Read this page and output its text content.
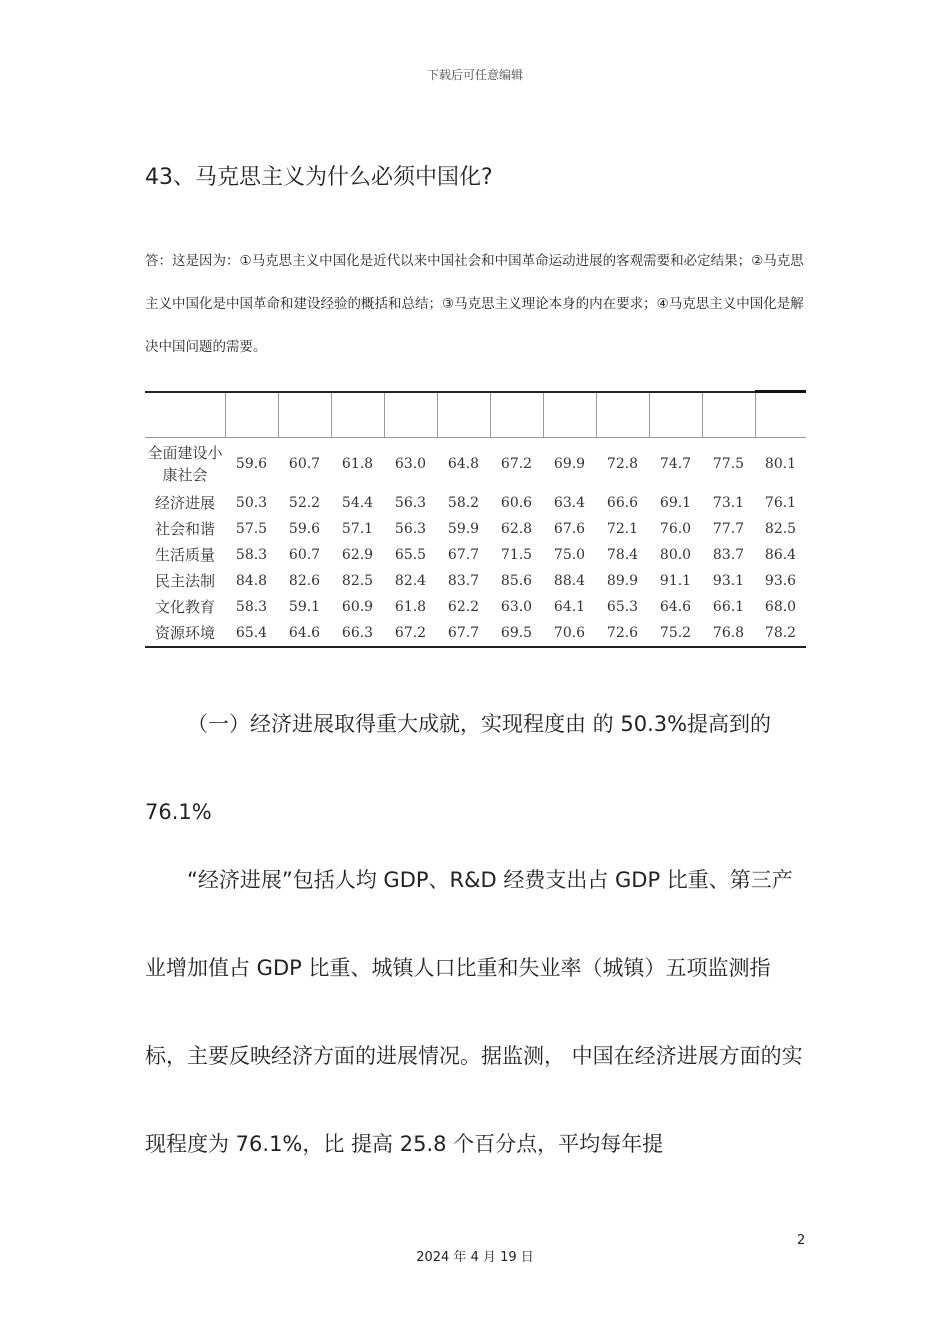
下载后可任意编辑
43、马克思主义为什么必须中国化?
答：这是因为：①马克思主义中国化是近代以来中国社会和中国革命运动进展的客观需要和必定结果；②马克思主义中国化是中国革命和建设经验的概括和总结；③马克思主义理论本身的内在要求；④马克思主义中国化是解决中国问题的需要。

全面建设小康社会	59.6	60.7	61.8	63.0	64.8	67.2	69.9	72.8	74.7	77.5	80.1
经济进展	50.3	52.2	54.4	56.3	58.2	60.6	63.4	66.6	69.1	73.1	76.1
社会和谐	57.5	59.6	57.1	56.3	59.9	62.8	67.6	72.1	76.0	77.7	82.5
生活质量	58.3	60.7	62.9	65.5	67.7	71.5	75.0	78.4	80.0	83.7	86.4
民主法制	84.8	82.6	82.5	82.4	83.7	85.6	88.4	89.9	91.1	93.1	93.6
文化教育	58.3	59.1	60.9	61.8	62.2	63.0	64.1	65.3	64.6	66.1	68.0
资源环境	65.4	64.6	66.3	67.2	67.7	69.5	70.6	72.6	75.2	76.8	78.2
（一）经济进展取得重大成就，实现程度由 的 50.3%提高到的 76.1%
“经济进展”包括人均 GDP、R&D 经费支出占 GDP 比重、第三产业增加值占 GDP 比重、城镇人口比重和失业率（城镇）五项监测指标，主要反映经济方面的进展情况。据监测， 中国在经济进展方面的实现程度为 76.1%，比 提高 25.8 个百分点，平均每年提
2
2024 年 4 月 19 日
